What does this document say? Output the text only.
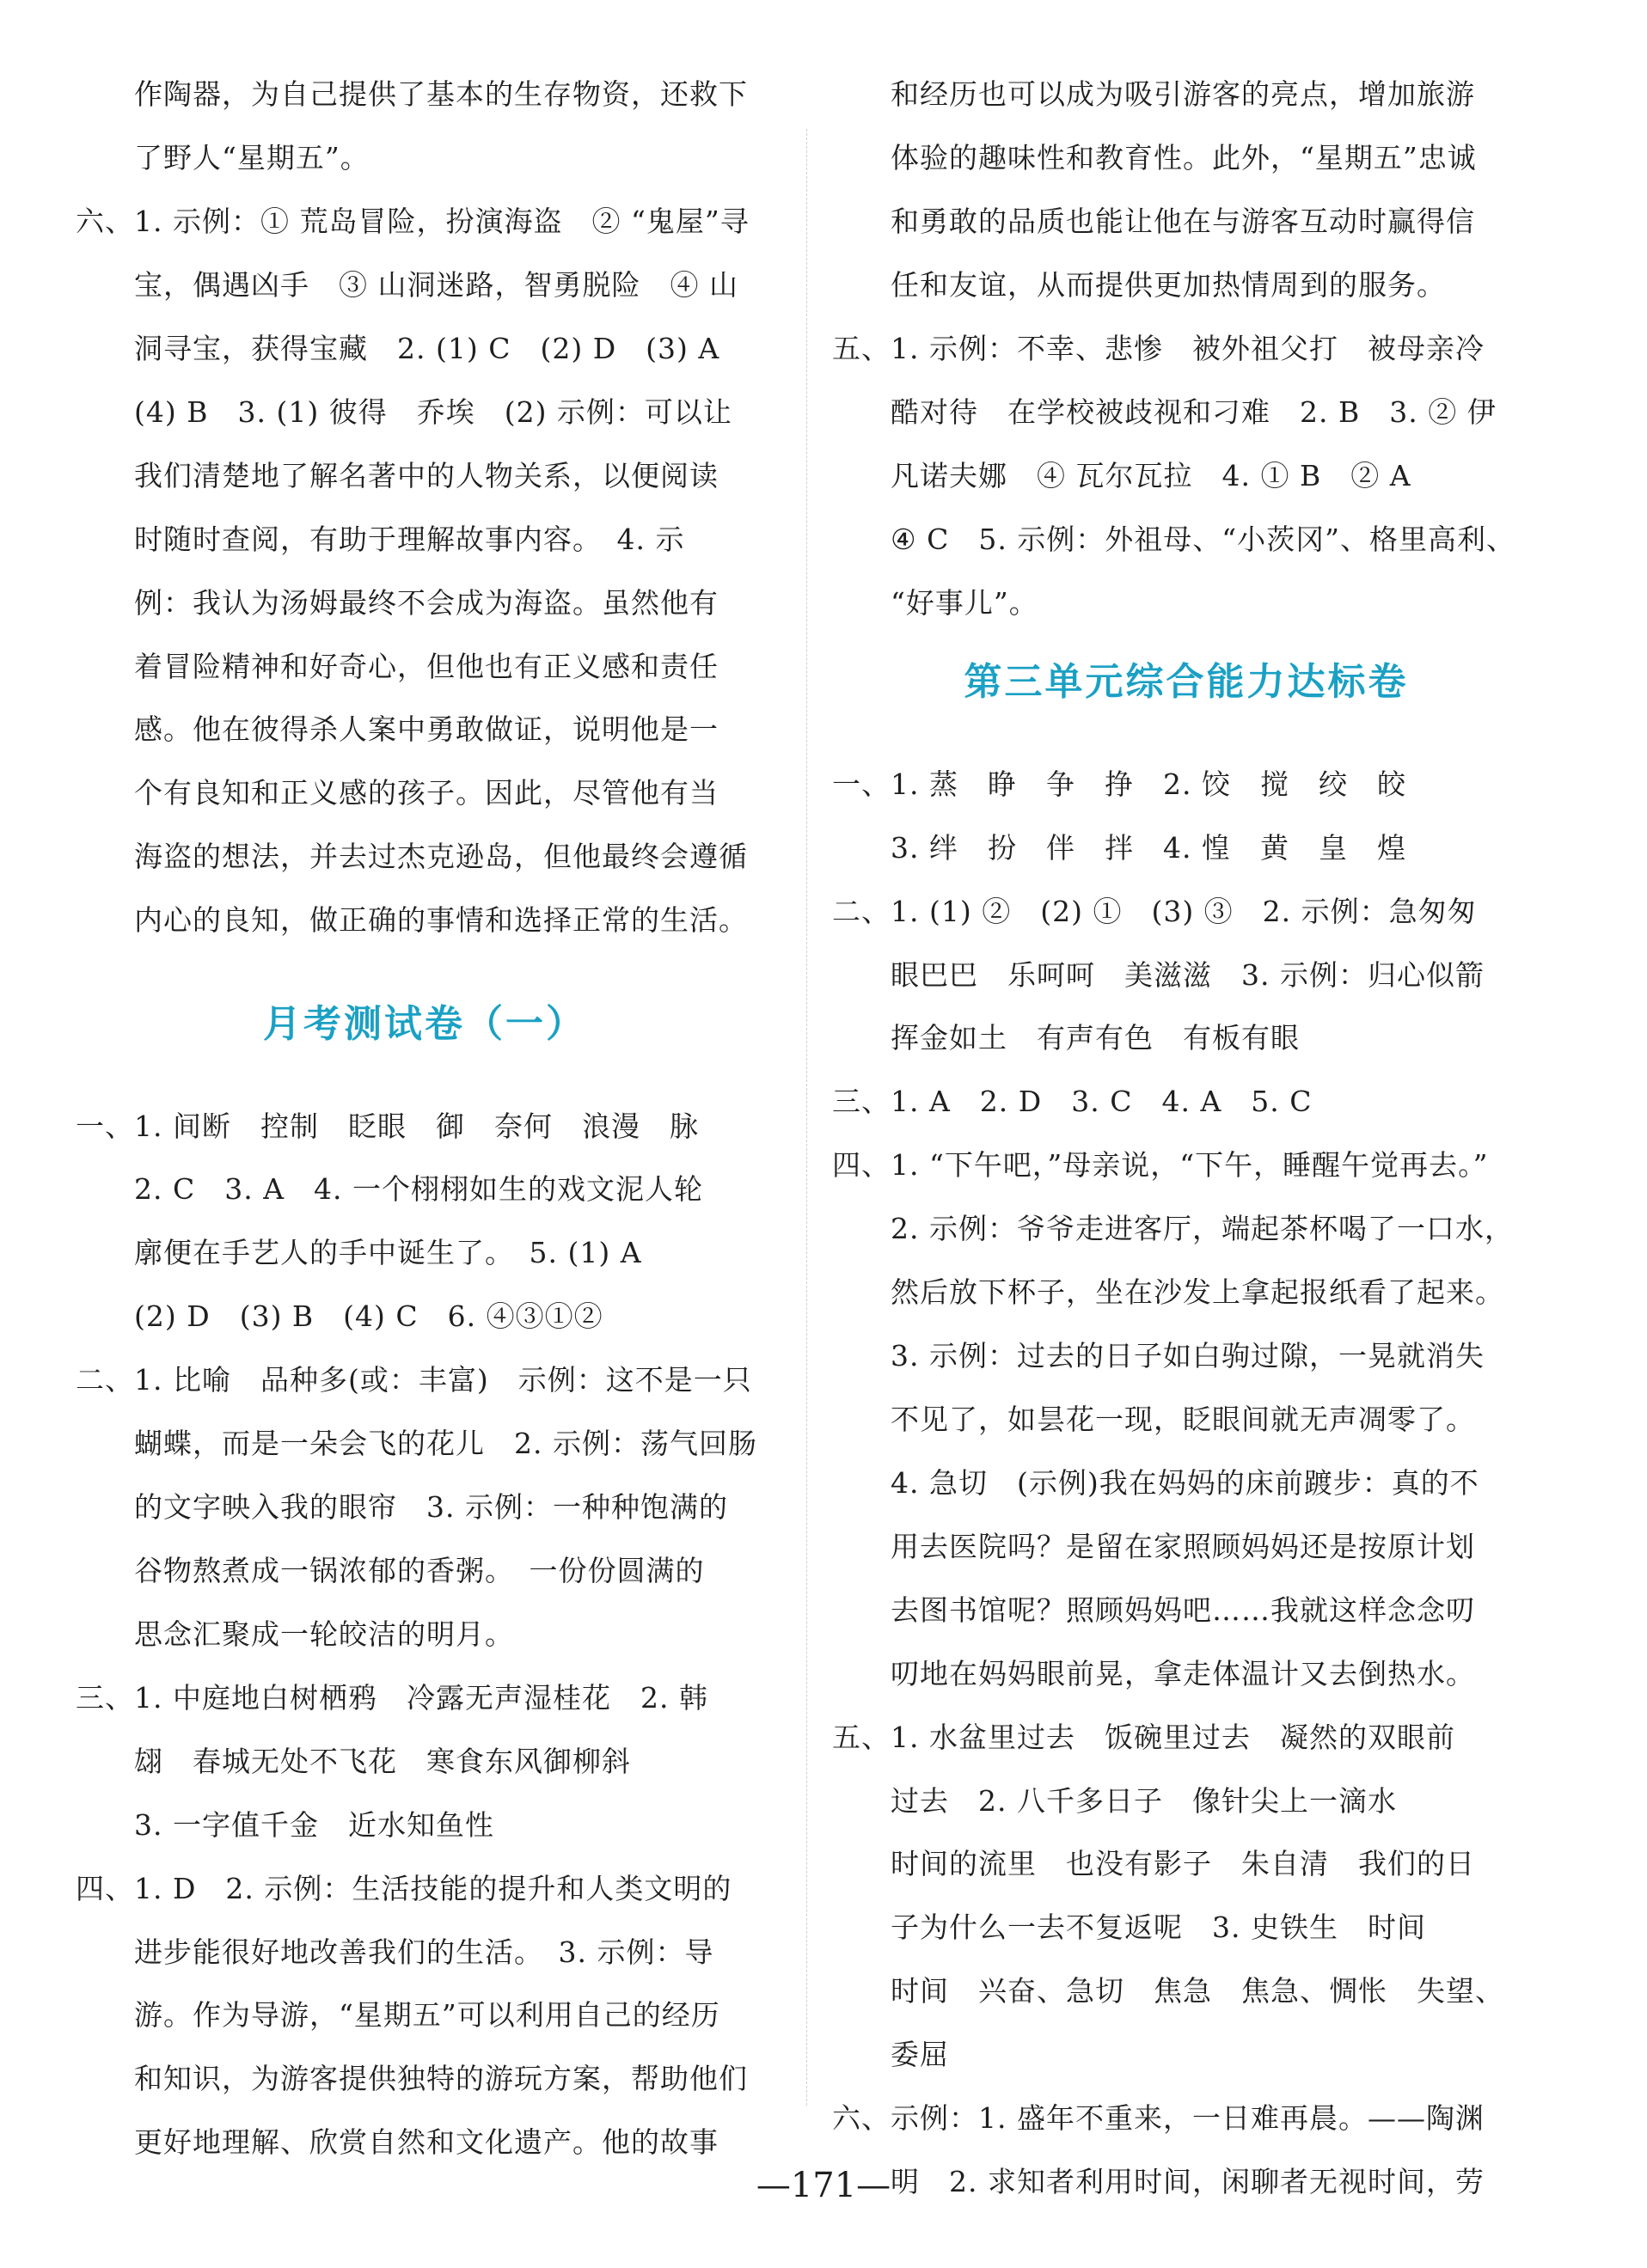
作陶器，为自己提供了基本的生存物资，还救下
了野人“星期五”。
六、1. 示例：① 荒岛冒险，扮演海盗　② “鬼屋”寻
宝，偶遇凶手　③ 山洞迷路，智勇脱险　④ 山
洞寻宝，获得宝藏　2. (1) C　(2) D　(3) A
(4) B　3. (1) 彼得　乔埃　(2) 示例：可以让
我们清楚地了解名著中的人物关系，以便阅读
时随时查阅，有助于理解故事内容。　4. 示
例：我认为汤姆最终不会成为海盗。虽然他有
着冒险精神和好奇心，但他也有正义感和责任
感。他在彼得杀人案中勇敢做证，说明他是一
个有良知和正义感的孩子。因此，尽管他有当
海盗的想法，并去过杰克逊岛，但他最终会遵循
内心的良知，做正确的事情和选择正常的生活。
月考测试卷（一）
一、1. 间断　控制　眨眼　御　奈何　浪漫　脉
2. C　3. A　4. 一个栩栩如生的戏文泥人轮
廓便在手艺人的手中诞生了。　5. (1) A
(2) D　(3) B　(4) C　6. ④③①②
二、1. 比喻　品种多(或：丰富)　示例：这不是一只
蝴蝶，而是一朵会飞的花儿　2. 示例：荡气回肠
的文字映入我的眼帘　3. 示例：一种种饱满的
谷物熬煮成一锅浓郁的香粥。　一份份圆满的
思念汇聚成一轮皎洁的明月。
三、1. 中庭地白树栖鸦　冷露无声湿桂花　2. 韩
翃　春城无处不飞花　寒食东风御柳斜
3. 一字值千金　近水知鱼性
四、1. D　2. 示例：生活技能的提升和人类文明的
进步能很好地改善我们的生活。　3. 示例：导
游。作为导游，“星期五”可以利用自己的经历
和知识，为游客提供独特的游玩方案，帮助他们
更好地理解、欣赏自然和文化遗产。他的故事
和经历也可以成为吸引游客的亮点，增加旅游
体验的趣味性和教育性。此外，“星期五”忠诚
和勇敢的品质也能让他在与游客互动时赢得信
任和友谊，从而提供更加热情周到的服务。
五、1. 示例：不幸、悲惨　被外祖父打　被母亲冷
酷对待　在学校被歧视和刁难　2. B　3. ② 伊
凡诺夫娜　④ 瓦尔瓦拉　4. ① B　② A
④ C　5. 示例：外祖母、“小茨冈”、格里高利、
“好事儿”。
第三单元综合能力达标卷
一、1. 蒸　睁　争　挣　2. 饺　搅　绞　皎
3. 绊　扮　伴　拌　4. 惶　黄　皇　煌
二、1. (1) ②　(2) ①　(3) ③　2. 示例：急匆匆
眼巴巴　乐呵呵　美滋滋　3. 示例：归心似箭
挥金如土　有声有色　有板有眼
三、1. A　2. D　3. C　4. A　5. C
四、1. “下午吧，”母亲说，“下午，睡醒午觉再去。”
2. 示例：爷爷走进客厅，端起茶杯喝了一口水，
然后放下杯子，坐在沙发上拿起报纸看了起来。
3. 示例：过去的日子如白驹过隙，一晃就消失
不见了，如昙花一现，眨眼间就无声凋零了。
4. 急切　(示例)我在妈妈的床前踱步：真的不
用去医院吗？是留在家照顾妈妈还是按原计划
去图书馆呢？照顾妈妈吧……我就这样念念叨
叨地在妈妈眼前晃，拿走体温计又去倒热水。
五、1. 水盆里过去　饭碗里过去　凝然的双眼前
过去　2. 八千多日子　像针尖上一滴水
时间的流里　也没有影子　朱自清　我们的日
子为什么一去不复返呢　3. 史铁生　时间
时间　兴奋、急切　焦急　焦急、惆怅　失望、
委屈
六、示例：1. 盛年不重来，一日难再晨。——陶渊
明　2. 求知者利用时间，闲聊者无视时间，劳
—171—
